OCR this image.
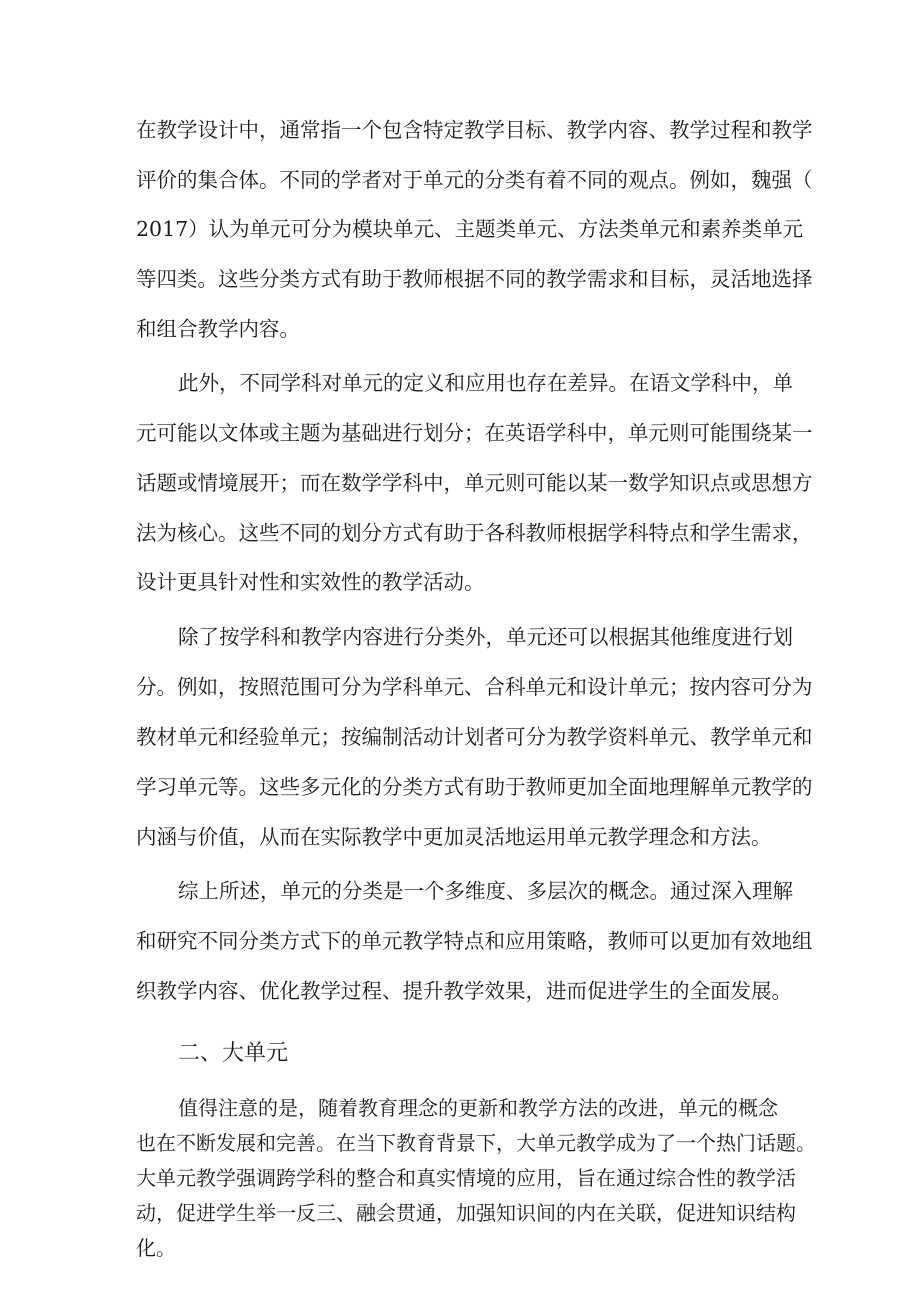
在教学设计中，通常指一个包含特定教学目标、教学内容、教学过程和教学
评价的集合体。不同的学者对于单元的分类有着不同的观点。例如，魏强（
2017）认为单元可分为模块单元、主题类单元、方法类单元和素养类单元
等四类。这些分类方式有助于教师根据不同的教学需求和目标，灵活地选择
和组合教学内容。
此外，不同学科对单元的定义和应用也存在差异。在语文学科中，单
元可能以文体或主题为基础进行划分；在英语学科中，单元则可能围绕某一
话题或情境展开；而在数学学科中，单元则可能以某一数学知识点或思想方
法为核心。这些不同的划分方式有助于各科教师根据学科特点和学生需求，
设计更具针对性和实效性的教学活动。
除了按学科和教学内容进行分类外，单元还可以根据其他维度进行划
分。例如，按照范围可分为学科单元、合科单元和设计单元；按内容可分为
教材单元和经验单元；按编制活动计划者可分为教学资料单元、教学单元和
学习单元等。这些多元化的分类方式有助于教师更加全面地理解单元教学的
内涵与价值，从而在实际教学中更加灵活地运用单元教学理念和方法。
综上所述，单元的分类是一个多维度、多层次的概念。通过深入理解
和研究不同分类方式下的单元教学特点和应用策略，教师可以更加有效地组
织教学内容、优化教学过程、提升教学效果，进而促进学生的全面发展。
二、大单元
值得注意的是，随着教育理念的更新和教学方法的改进，单元的概念
也在不断发展和完善。在当下教育背景下，大单元教学成为了一个热门话题。
大单元教学强调跨学科的整合和真实情境的应用，旨在通过综合性的教学活
动，促进学生举一反三、融会贯通，加强知识间的内在关联，促进知识结构
化。
